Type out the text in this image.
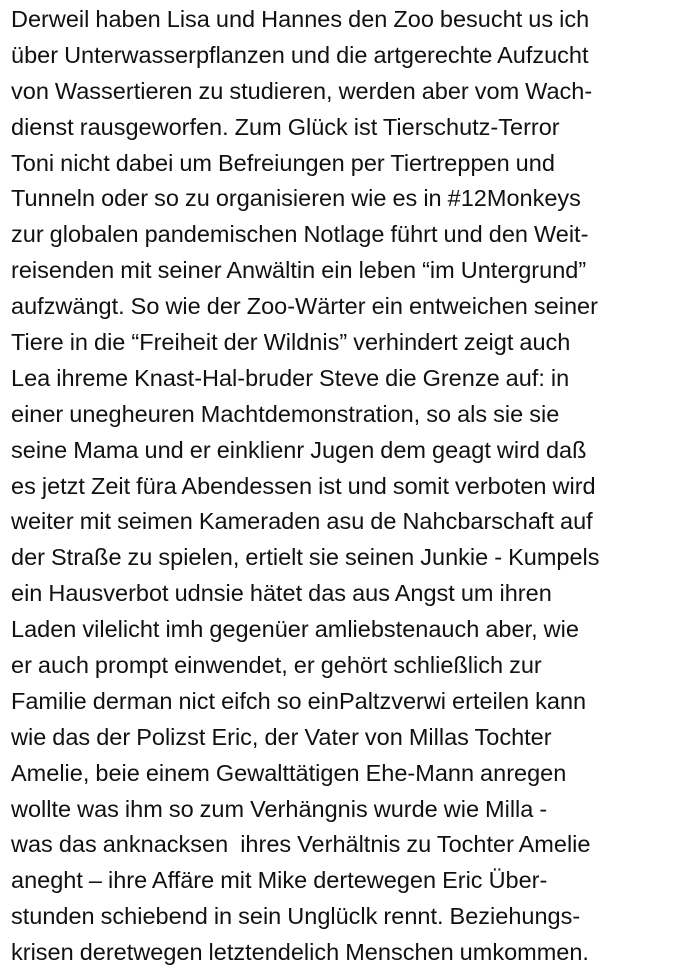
Derweil haben Lisa und Hannes den Zoo besucht us ich
über Unterwasserpflanzen und die artgerechte Aufzucht
von Wassertieren zu studieren, werden aber vom Wach-
dienst rausgeworfen. Zum Glück ist Tierschutz-Terror
Toni nicht dabei um Befreiungen per Tiertreppen und
Tunneln oder so zu organisieren wie es in #12Monkeys
zur globalen pandemischen Notlage führt und den Weit-
reisenden mit seiner Anwältin ein leben “im Untergrund”
aufzwängt. So wie der Zoo-Wärter ein entweichen seiner
Tiere in die “Freiheit der Wildnis” verhindert zeigt auch
Lea ihreme Knast-Hal-bruder Steve die Grenze auf: in
einer unegheuren Machtdemonstration, so als sie sie
seine Mama und er einklienr Jugen dem geagt wird daß
es jetzt Zeit füra Abendessen ist und somit verboten wird
weiter mit seimen Kameraden asu de Nahcbarschaft auf
der Straße zu spielen, ertielt sie seinen Junkie - Kumpels
ein Hausverbot udnsie hätet das aus Angst um ihren
Laden vilelicht imh gegenüer amliebstenauch aber, wie
er auch prompt einwendet, er gehört schließlich zur
Familie derman nict eifch so einPaltzverwi erteilen kann
wie das der Polizst Eric, der Vater von Millas Tochter
Amelie, beie einem Gewalttätigen Ehe-Mann anregen
wollte was ihm so zum Verhängnis wurde wie Milla -
was das anknacksen  ihres Verhältnis zu Tochter Amelie
aneght – ihre Affäre mit Mike dertewegen Eric Über-
stunden schiebend in sein Unglüclk rennt. Beziehungs-
krisen deretwegen letztendelich Menschen umkommen.
